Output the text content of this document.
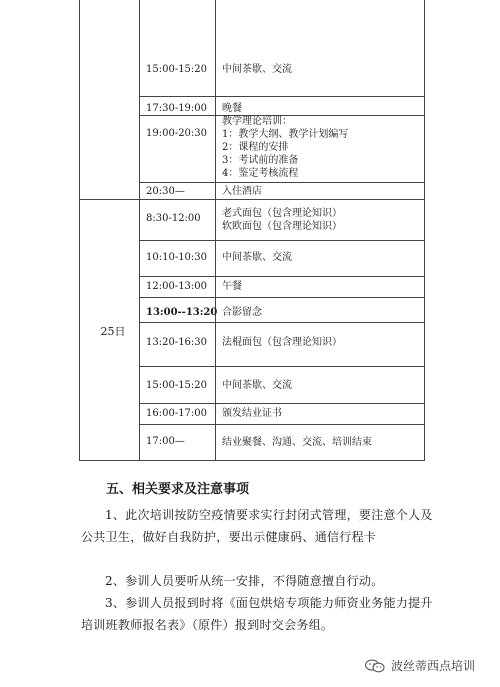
25日
15:00-15:20 中间茶歇、交流
17:30-19:00 晚餐
19:00-20:30
教学理论培训：
1：教学大纲、教学计划编写
2：课程的安排
3：考试前的准备
4：鉴定考核流程
20:30—	入住酒店
8:30-12:00 老式面包（包含理论知识）
软欧面包（包含理论知识）
10:10-10:30 中间茶歇、交流
12:00-13:00 午餐
13:00--13:20 合影留念
13:20-16:30 法棍面包（包含理论知识）
15:00-15:20 中间茶歇、交流
16:00-17:00 颁发结业证书
17:00—	结业聚餐、沟通、交流、培训结束
五、相关要求及注意事项
1、此次培训按防空疫情要求实行封闭式管理，要注意个人及公共卫生，做好自我防护，要出示健康码、通信行程卡
2、参训人员要听从统一安排，不得随意擅自行动。
3、参训人员报到时将《面包烘焙专项能力师资业务能力提升培训班教师报名表》（原件）报到时交会务组。
波丝蒂西点培训
